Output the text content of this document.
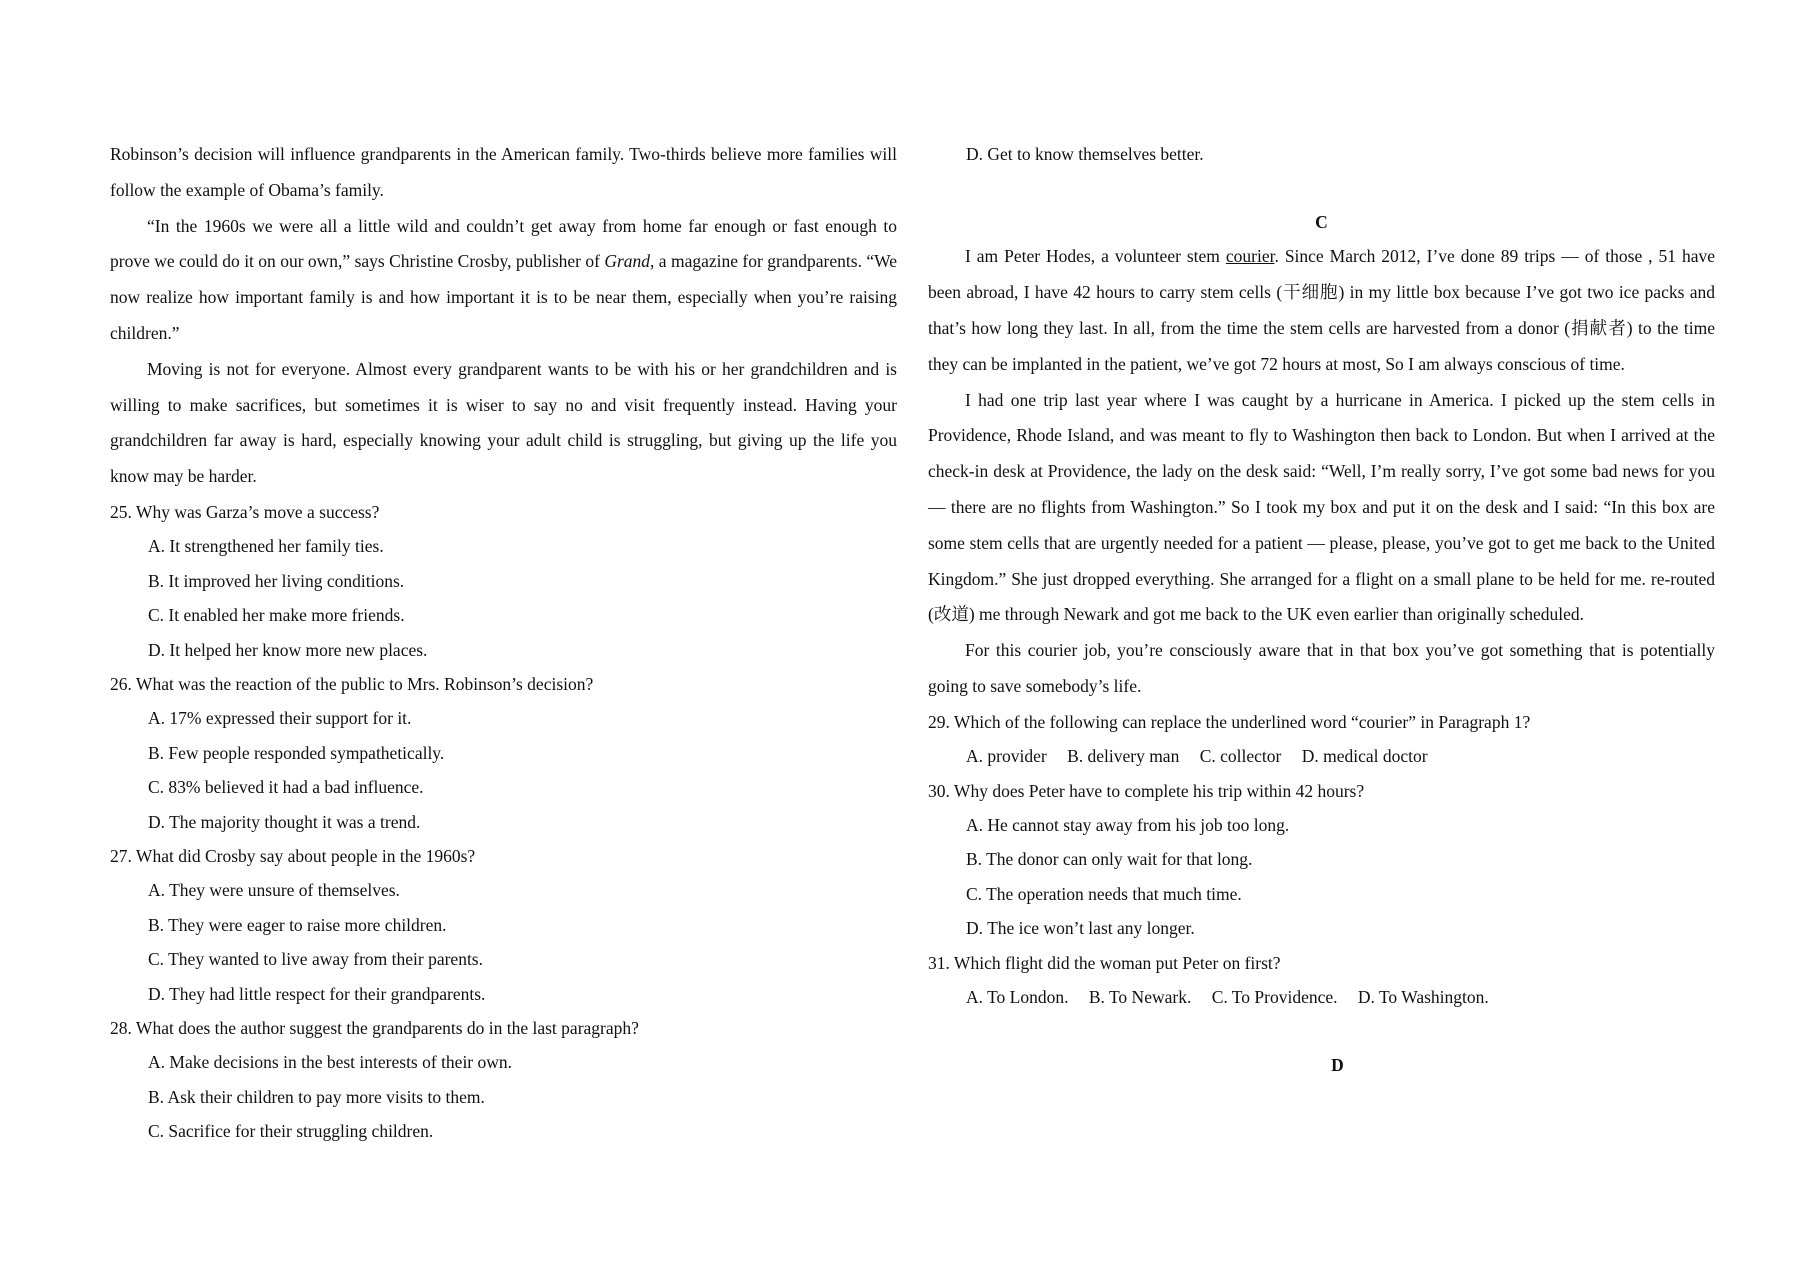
Robinson’s decision will influence grandparents in the American family. Two-thirds believe more families will follow the example of Obama’s family.

“In the 1960s we were all a little wild and couldn’t get away from home far enough or fast enough to prove we could do it on our own,” says Christine Crosby, publisher of Grand, a magazine for grandparents. “We now realize how important family is and how important it is to be near them, especially when you’re raising children.”

Moving is not for everyone. Almost every grandparent wants to be with his or her grandchildren and is willing to make sacrifices, but sometimes it is wiser to say no and visit frequently instead. Having your grandchildren far away is hard, especially knowing your adult child is struggling, but giving up the life you know may be harder.

25. Why was Garza’s move a success?
A. It strengthened her family ties.
B. It improved her living conditions.
C. It enabled her make more friends.
D. It helped her know more new places.
26. What was the reaction of the public to Mrs. Robinson’s decision?
A. 17% expressed their support for it.
B. Few people responded sympathetically.
C. 83% believed it had a bad influence.
D. The majority thought it was a trend.
27. What did Crosby say about people in the 1960s?
A. They were unsure of themselves.
B. They were eager to raise more children.
C. They wanted to live away from their parents.
D. They had little respect for their grandparents.
28. What does the author suggest the grandparents do in the last paragraph?
A. Make decisions in the best interests of their own.
B. Ask their children to pay more visits to them.
C. Sacrifice for their struggling children.
D. Get to know themselves better.
C

I am Peter Hodes, a volunteer stem courier. Since March 2012, I’ve done 89 trips — of those , 51 have been abroad, I have 42 hours to carry stem cells (干细胞) in my little box because I’ve got two ice packs and that’s how long they last. In all, from the time the stem cells are harvested from a donor (捐献者) to the time they can be implanted in the patient, we’ve got 72 hours at most, So I am always conscious of time.

I had one trip last year where I was caught by a hurricane in America. I picked up the stem cells in Providence, Rhode Island, and was meant to fly to Washington then back to London. But when I arrived at the check-in desk at Providence, the lady on the desk said: “Well, I’m really sorry, I’ve got some bad news for you — there are no flights from Washington.” So I took my box and put it on the desk and I said: “In this box are some stem cells that are urgently needed for a patient — please, please, you’ve got to get me back to the United Kingdom.” She just dropped everything. She arranged for a flight on a small plane to be held for me. re-routed (改道) me through Newark and got me back to the UK even earlier than originally scheduled.

For this courier job, you’re consciously aware that in that box you’ve got something that is potentially going to save somebody’s life.

29. Which of the following can replace the underlined word “courier” in Paragraph 1?
A. provider B. delivery man C. collector D. medical doctor
30. Why does Peter have to complete his trip within 42 hours?
A. He cannot stay away from his job too long.
B. The donor can only wait for that long.
C. The operation needs that much time.
D. The ice won’t last any longer.
31. Which flight did the woman put Peter on first?
A. To London. B. To Newark. C. To Providence. D. To Washington.
D
